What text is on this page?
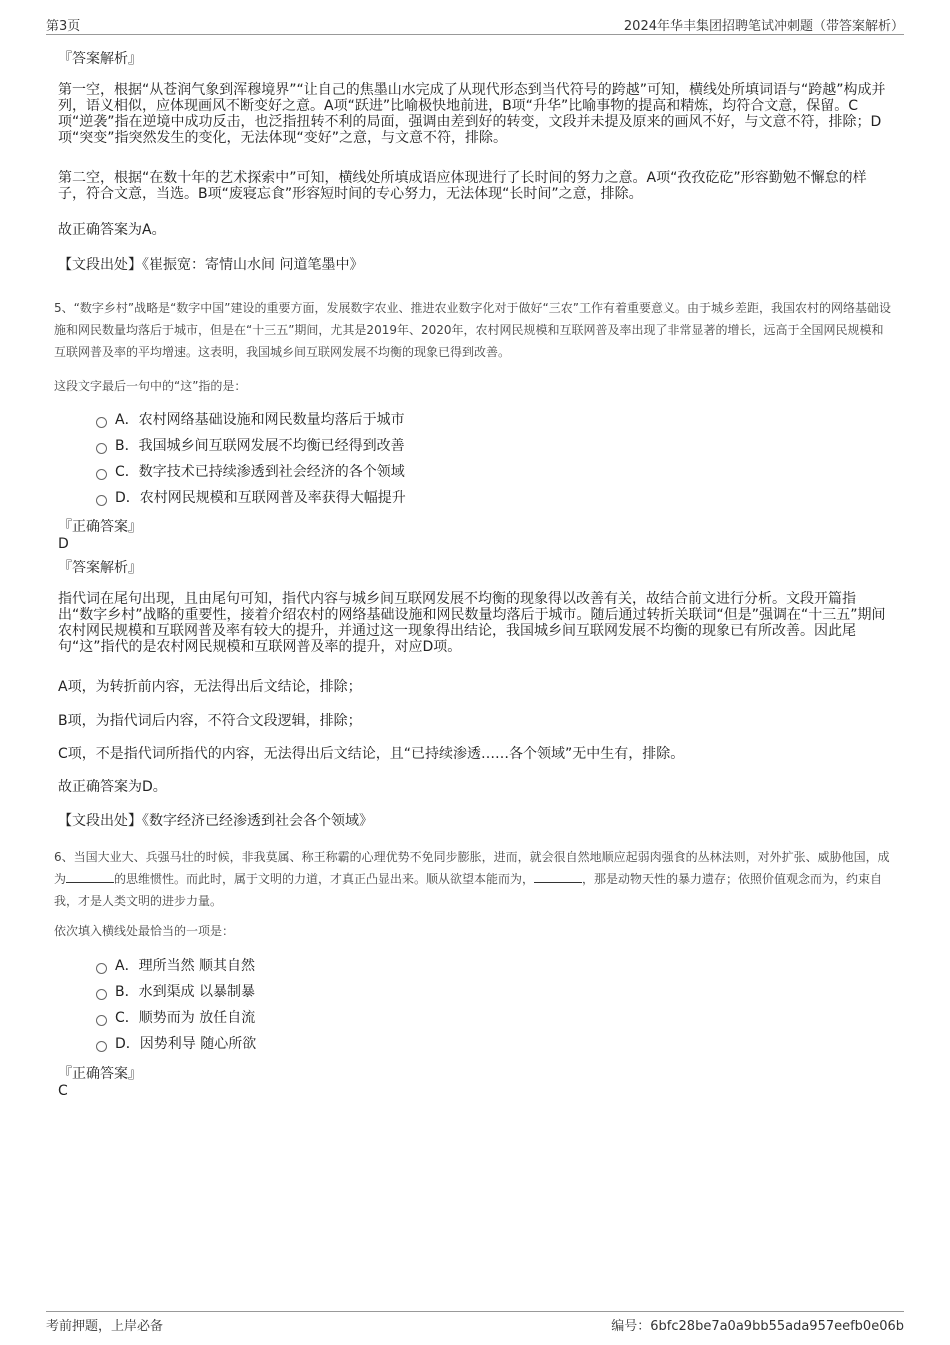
第3页	2024年华丰集团招聘笔试冲刺题（带答案解析）
『答案解析』

第一空，根据“从苍润气象到浑穆境界”“让自己的焦墨山水完成了从现代形态到当代符号的跨越”可知，横线处所填词语与“跨越”构成并列，语义相似，应体现画风不断变好之意。A项“跃进”比喻极快地前进，B项“升华”比喻事物的提高和精炼，均符合文意，保留。C项“逆袭”指在逆境中成功反击，也泛指扭转不利的局面，强调由差到好的转变，文段并未提及原来的画风不好，与文意不符，排除；D项“突变”指突然发生的变化，无法体现“变好”之意，与文意不符，排除。

第二空，根据“在数十年的艺术探索中”可知，横线处所填成语应体现进行了长时间的努力之意。A项“孜孜矻矻”形容勤勉不懈怠的样子，符合文意，当选。B项“废寝忘食”形容短时间的专心努力，无法体现“长时间”之意，排除。

故正确答案为A。

【文段出处】《崔振宽：寄情山水间 问道笔墨中》

5、“数字乡村”战略是“数字中国”建设的重要方面，发展数字农业、推进农业数字化对于做好“三农”工作有着重要意义。由于城乡差距，我国农村的网络基础设施和网民数量均落后于城市，但是在“十三五”期间，尤其是2019年、2020年，农村网民规模和互联网普及率出现了非常显著的增长，远高于全国网民规模和互联网普及率的平均增速。这表明，我国城乡间互联网发展不均衡的现象已得到改善。

这段文字最后一句中的“这”指的是：

A．农村网络基础设施和网民数量均落后于城市
B．我国城乡间互联网发展不均衡已经得到改善
C．数字技术已持续渗透到社会经济的各个领域
D．农村网民规模和互联网普及率获得大幅提升
『正确答案』
D
『答案解析』

指代词在尾句出现，且由尾句可知，指代内容与城乡间互联网发展不均衡的现象得以改善有关，故结合前文进行分析。文段开篇指出“数字乡村”战略的重要性，接着介绍农村的网络基础设施和网民数量均落后于城市。随后通过转折关联词“但是”强调在“十三五”期间农村网民规模和互联网普及率有较大的提升，并通过这一现象得出结论，我国城乡间互联网发展不均衡的现象已有所改善。因此尾句“这”指代的是农村网民规模和互联网普及率的提升，对应D项。

A项，为转折前内容，无法得出后文结论，排除；

B项，为指代词后内容，不符合文段逻辑，排除；

C项，不是指代词所指代的内容，无法得出后文结论，且“已持续渗透……各个领域”无中生有，排除。

故正确答案为D。

【文段出处】《数字经济已经渗透到社会各个领域》

6、当国大业大、兵强马壮的时候，非我莫属、称王称霸的心理优势不免同步膨胀，进而，就会很自然地顺应起弱肉强食的丛林法则，对外扩张、威胁他国，成为	的思维惯性。而此时，属于文明的力道，才真正凸显出来。顺从欲望本能而为，	，那是动物天性的暴力遗存；依照价值观念而为，约束自我，才是人类文明的进步力量。

依次填入横线处最恰当的一项是：

A．理所当然 顺其自然
B．水到渠成 以暴制暴
C．顺势而为 放任自流
D．因势利导 随心所欲
『正确答案』
C
考前押题，上岸必备	编号：6bfc28be7a0a9bb55ada957eefb0e06b
